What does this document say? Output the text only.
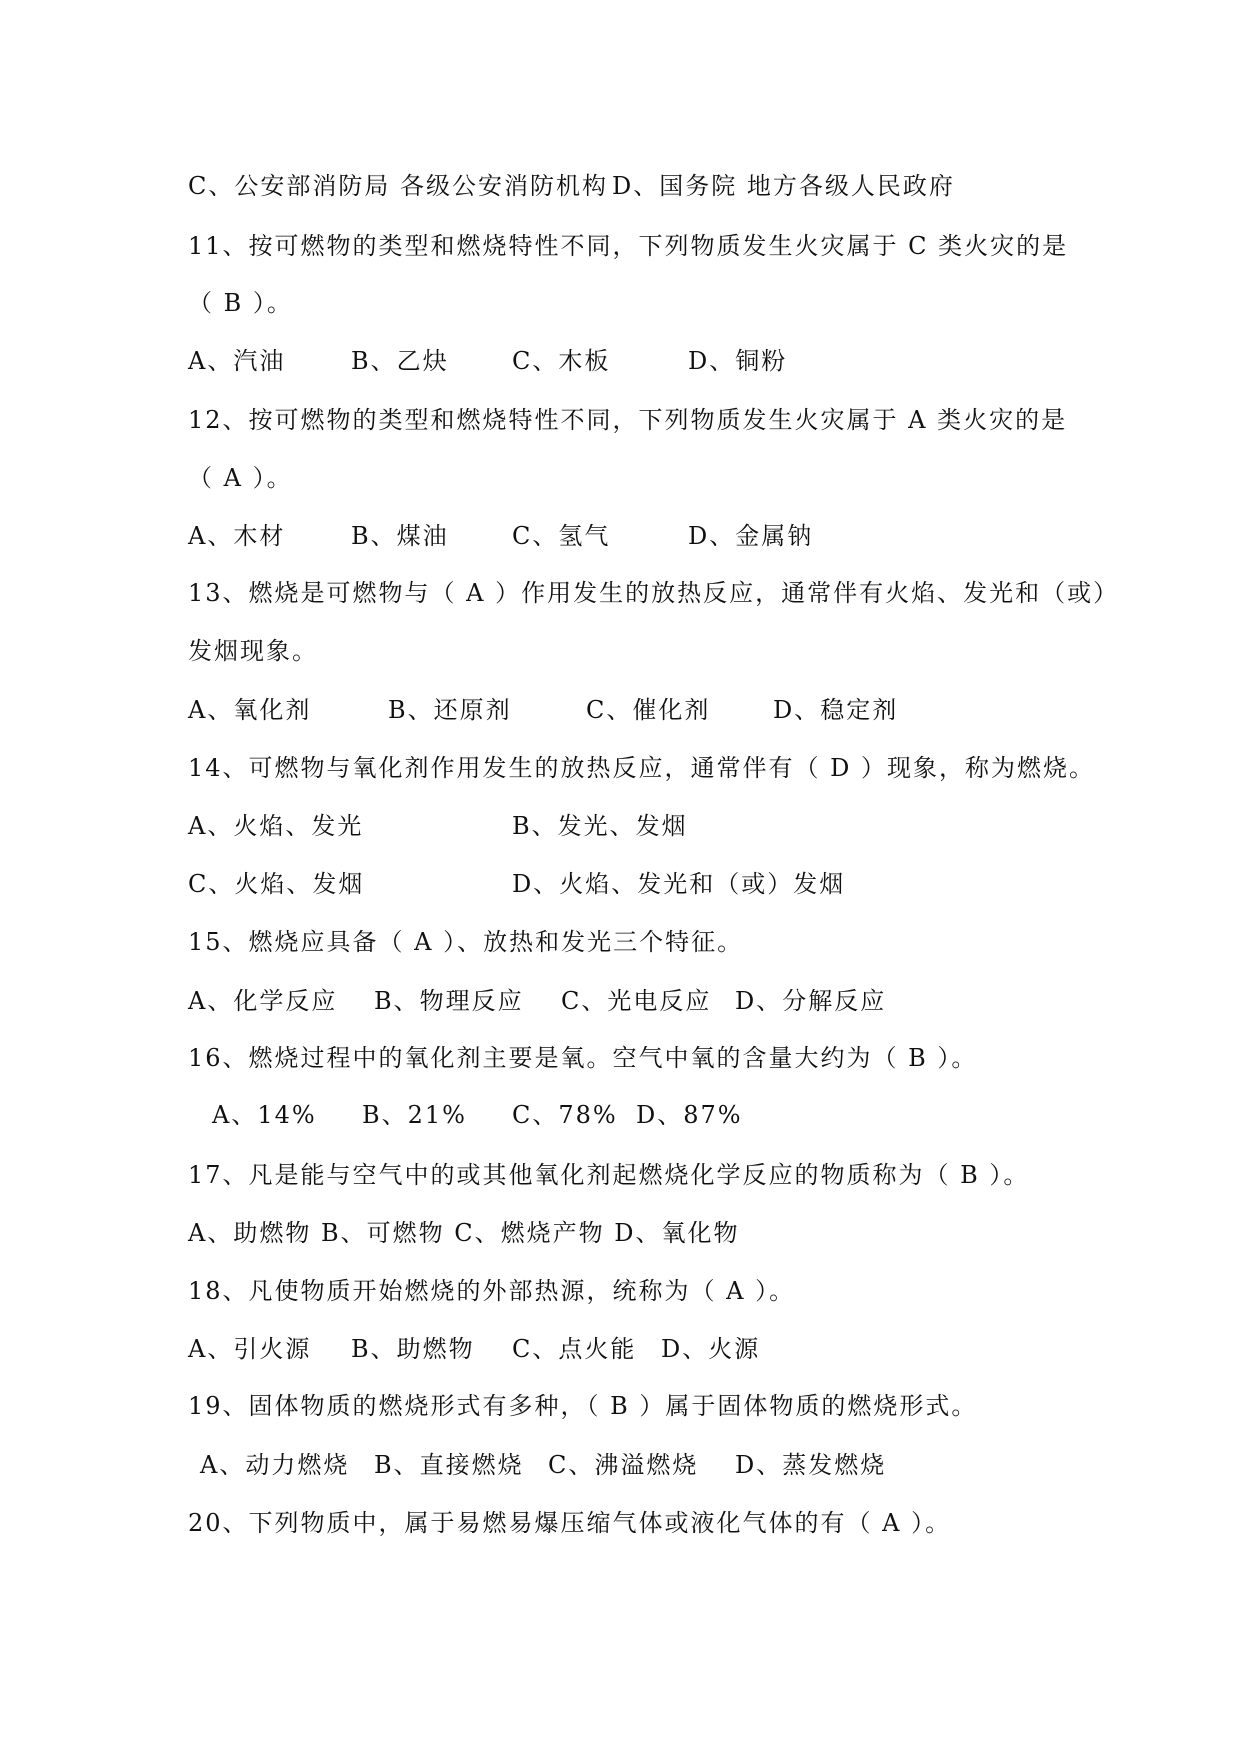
C、公安部消防局 各级公安消防机构 D、国务院 地方各级人民政府
11、按可燃物的类型和燃烧特性不同，下列物质发生火灾属于 C 类火灾的是
（ B ）。
A、汽油	B、乙炔	C、木板	D、铜粉
12、按可燃物的类型和燃烧特性不同，下列物质发生火灾属于 A 类火灾的是
（ A ）。
A、木材	B、煤油	C、氢气	D、金属钠
13、燃烧是可燃物与（ A ）作用发生的放热反应，通常伴有火焰、发光和（或）
发烟现象。
A、氧化剂	B、还原剂	C、催化剂	D、稳定剂
14、可燃物与氧化剂作用发生的放热反应，通常伴有（ D ）现象，称为燃烧。
A、火焰、发光	B、发光、发烟
C、火焰、发烟	D、火焰、发光和（或）发烟
15、燃烧应具备（ A ）、放热和发光三个特征。
A、化学反应 B、物理反应 C、光电反应 D、分解反应
16、燃烧过程中的氧化剂主要是氧。空气中氧的含量大约为（ B ）。
A、14% B、21% C、78% D、87%
17、凡是能与空气中的或其他氧化剂起燃烧化学反应的物质称为（ B ）。
A、助燃物 B、可燃物 C、燃烧产物 D、氧化物
18、凡使物质开始燃烧的外部热源，统称为（ A ）。
A、引火源 B、助燃物 C、点火能 D、火源
19、固体物质的燃烧形式有多种，（ B ）属于固体物质的燃烧形式。
A、动力燃烧 B、直接燃烧 C、沸溢燃烧 D、蒸发燃烧
20、下列物质中，属于易燃易爆压缩气体或液化气体的有（ A ）。
